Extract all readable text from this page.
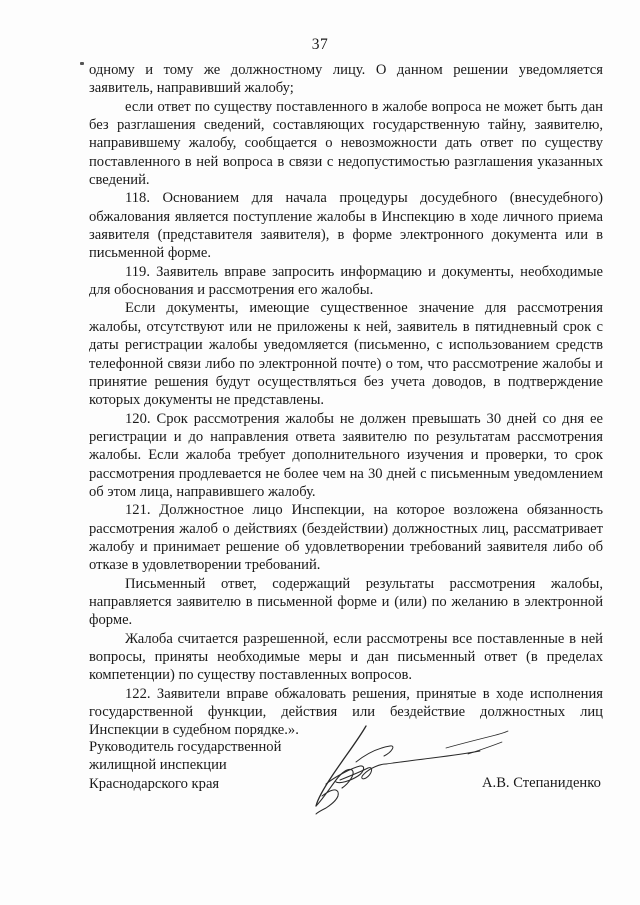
37

одному и тому же должностному лицу. О данном решении уведомляется заявитель, направивший жалобу;

если ответ по существу поставленного в жалобе вопроса не может быть дан без разглашения сведений, составляющих государственную тайну, заявителю, направившему жалобу, сообщается о невозможности дать ответ по существу поставленного в ней вопроса в связи с недопустимостью разглашения указанных сведений.

118. Основанием для начала процедуры досудебного (внесудебного) обжалования является поступление жалобы в Инспекцию в ходе личного приема заявителя (представителя заявителя), в форме электронного документа или в письменной форме.

119. Заявитель вправе запросить информацию и документы, необходимые для обоснования и рассмотрения его жалобы.

Если документы, имеющие существенное значение для рассмотрения жалобы, отсутствуют или не приложены к ней, заявитель в пятидневный срок с даты регистрации жалобы уведомляется (письменно, с использованием средств телефонной связи либо по электронной почте) о том, что рассмотрение жалобы и принятие решения будут осуществляться без учета доводов, в подтверждение которых документы не представлены.

120. Срок рассмотрения жалобы не должен превышать 30 дней со дня ее регистрации и до направления ответа заявителю по результатам рассмотрения жалобы. Если жалоба требует дополнительного изучения и проверки, то срок рассмотрения продлевается не более чем на 30 дней с письменным уведомлением об этом лица, направившего жалобу.

121. Должностное лицо Инспекции, на которое возложена обязанность рассмотрения жалоб о действиях (бездействии) должностных лиц, рассматривает жалобу и принимает решение об удовлетворении требований заявителя либо об отказе в удовлетворении требований.

Письменный ответ, содержащий результаты рассмотрения жалобы, направляется заявителю в письменной форме и (или) по желанию в электронной форме.

Жалоба считается разрешенной, если рассмотрены все поставленные в ней вопросы, приняты необходимые меры и дан письменный ответ (в пределах компетенции) по существу поставленных вопросов.

122. Заявители вправе обжаловать решения, принятые в ходе исполнения государственной функции, действия или бездействие должностных лиц Инспекции в судебном порядке.».

Руководитель государственной
жилищной инспекции
Краснодарского края	А.В. Степаниденко
